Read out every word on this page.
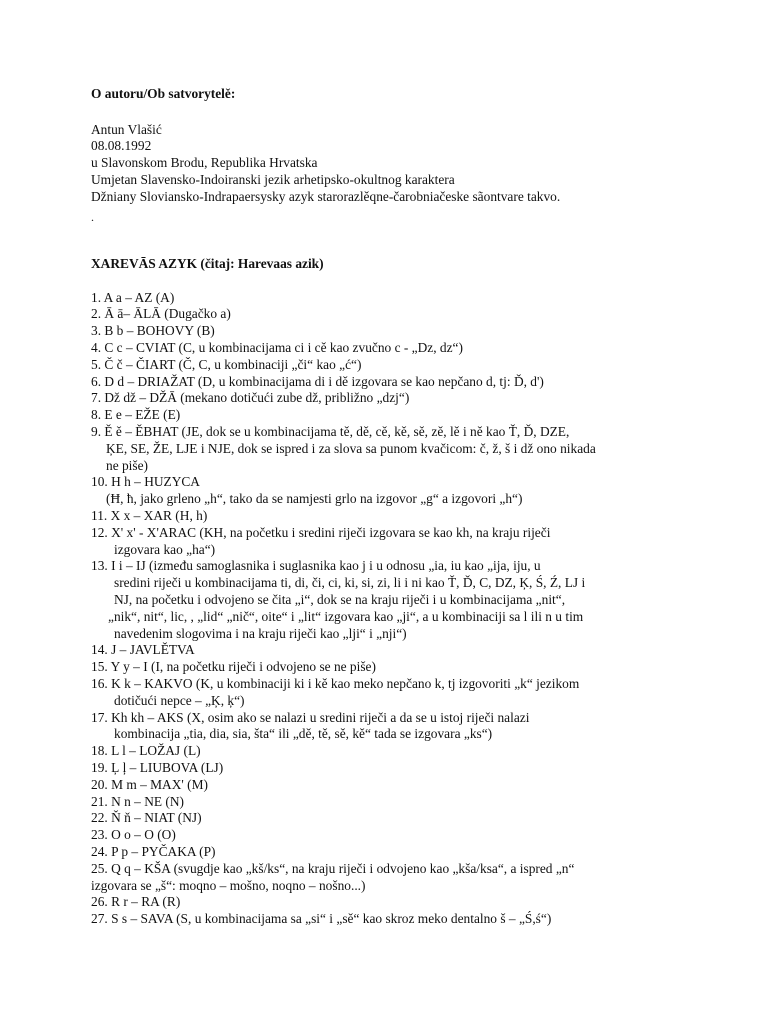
O autoru/Ob satvorytelě:
Antun Vlašić
08.08.1992
u Slavonskom Brodu, Republika Hrvatska
Umjetan Slavensko-Indoiranski jezik arhetipsko-okultnog karaktera
Džniany Sloviansko-Indrapaersysky azyk starorazlěqne-čarobniačeske sãontvare takvo.
.
XAREVĀS AZYK (čitaj: Harevaas azik)
1. A a – AZ (A)
2. Ā ā– ĀLĀ (Dugačko a)
3. B b – BOHOVY (B)
4. C c – CVIAT (C, u kombinacijama ci i cě kao zvučno c - „Dz, dz“)
5. Č č – ČIART (Č, C, u kombinaciji „či“ kao „ć“)
6. D d – DRIAŽAT (D, u kombinacijama di i dě izgovara se kao nepčano d, tj: Ď, d')
7. Dž dž – DŽĀ (mekano dotičući zube dž, približno „dzj“)
8. E e – EŽE (E)
9. Ě ě – ĚBHAT (JE, dok se u kombinacijama tě, dě, cě, kě, sě, zě, lě i ně kao Ť, Ď, DZE,
ĶE, SE, ŽE, LJE i NJE, dok se ispred i za slova sa punom kvačicom: č, ž, š i dž ono nikada
ne piše)
10. H h – HUZYCA
(Ħ, ħ, jako grleno „h“, tako da se namjesti grlo na izgovor „g“ a izgovori „h“)
11. X x – XAR (H, h)
12. X' x' - X'ARAC (KH, na početku i sredini riječi izgovara se kao kh, na kraju riječi
izgovara kao „ha“)
13. I i – IJ (između samoglasnika i suglasnika kao j i u odnosu „ia, iu kao „ija, iju, u
sredini riječi u kombinacijama ti, di, či, ci, ki, si, zi, li i ni kao Ť, Ď, C, DZ, Ķ, Ś, Ź, LJ i
NJ, na početku i odvojeno se čita „i“, dok se na kraju riječi i u kombinacijama „nit“,
„nik“, nit“, lic, , „lid“ „nič“, oite“ i „lit“ izgovara kao „ji“, a u kombinaciji sa l ili n u tim
navedenim slogovima i na kraju riječi kao „lji“ i „nji“)
14. J – JAVLĚTVA
15. Y y – I (I, na početku riječi i odvojeno se ne piše)
16. K k – KAKVO (K, u kombinaciji ki i kě kao meko nepčano k, tj izgovoriti „k“ jezikom
dotičući nepce – „Ķ, ķ“)
17. Kh kh – AKS (X, osim ako se nalazi u sredini riječi a da se u istoj riječi nalazi
kombinacija „tia, dia, sia, šta“ ili „dě, tě, sě, kě“ tada se izgovara „ks“)
18. L l – LOŽAJ (L)
19. Ļ ļ – LIUBOVA (LJ)
20. M m – MAX' (M)
21. N n – NE (N)
22. Ň ň – NIAT (NJ)
23. O o – O (O)
24. P p – PYČAKA (P)
25. Q q – KŠA (svugdje kao „kš/ks“, na kraju riječi i odvojeno kao „kša/ksa“, a ispred „n“
izgovara se „š“: moqno – mošno, noqno – nošno...)
26. R r – RA (R)
27. S s – SAVA (S, u kombinacijama sa „si“ i „sě“ kao skroz meko dentalno š – „Ś,ś“)
